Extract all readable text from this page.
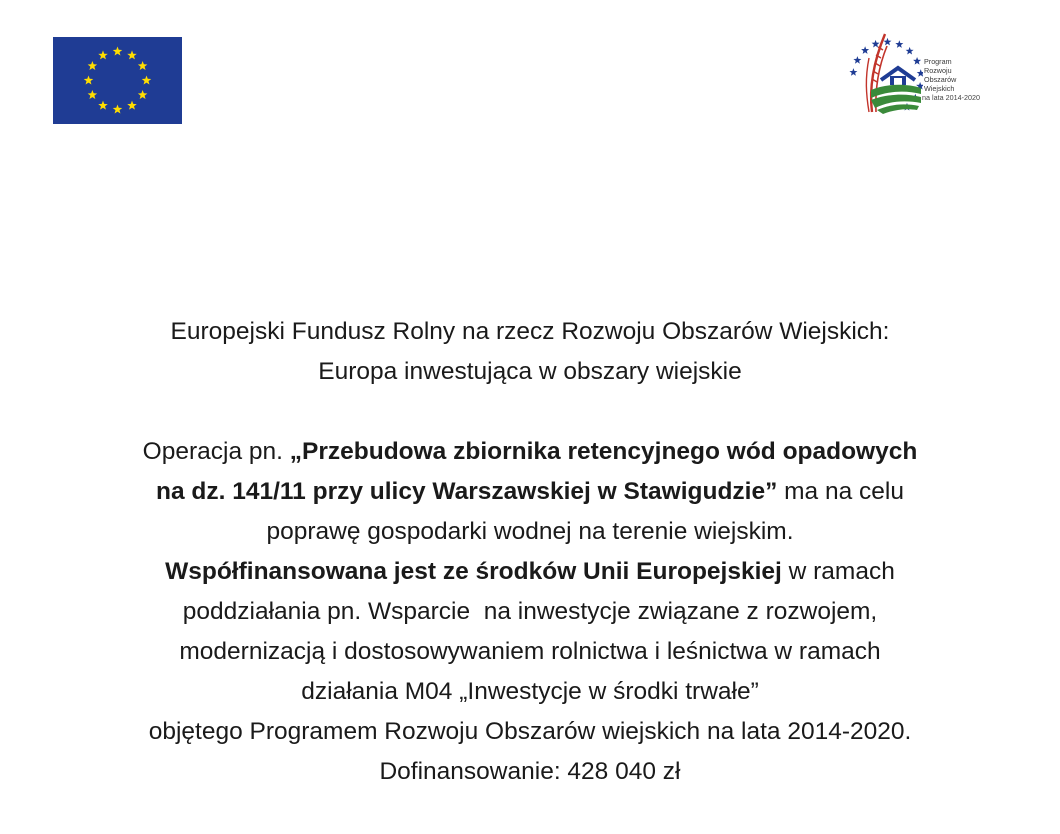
Program
Rozwoju
Obszarów
Wiejskich
na lata 2014-2020

Europejski Fundusz Rolny na rzecz Rozwoju Obszarów Wiejskich:

Europa inwestująca w obszary wiejskie

Operacja pn. „Przebudowa zbiornika retencyjnego wód opadowych

na dz. 141/11 przy ulicy Warszawskiej w Stawigudzie” ma na celu

poprawę gospodarki wodnej na terenie wiejskim.

Współfinansowana jest ze środków Unii Europejskiej w ramach

poddziałania pn. Wsparcie  na inwestycje związane z rozwojem,

modernizacją i dostosowywaniem rolnictwa i leśnictwa w ramach

działania M04 „Inwestycje w środki trwałe”

objętego Programem Rozwoju Obszarów wiejskich na lata 2014-2020.

Dofinansowanie: 428 040 zł
